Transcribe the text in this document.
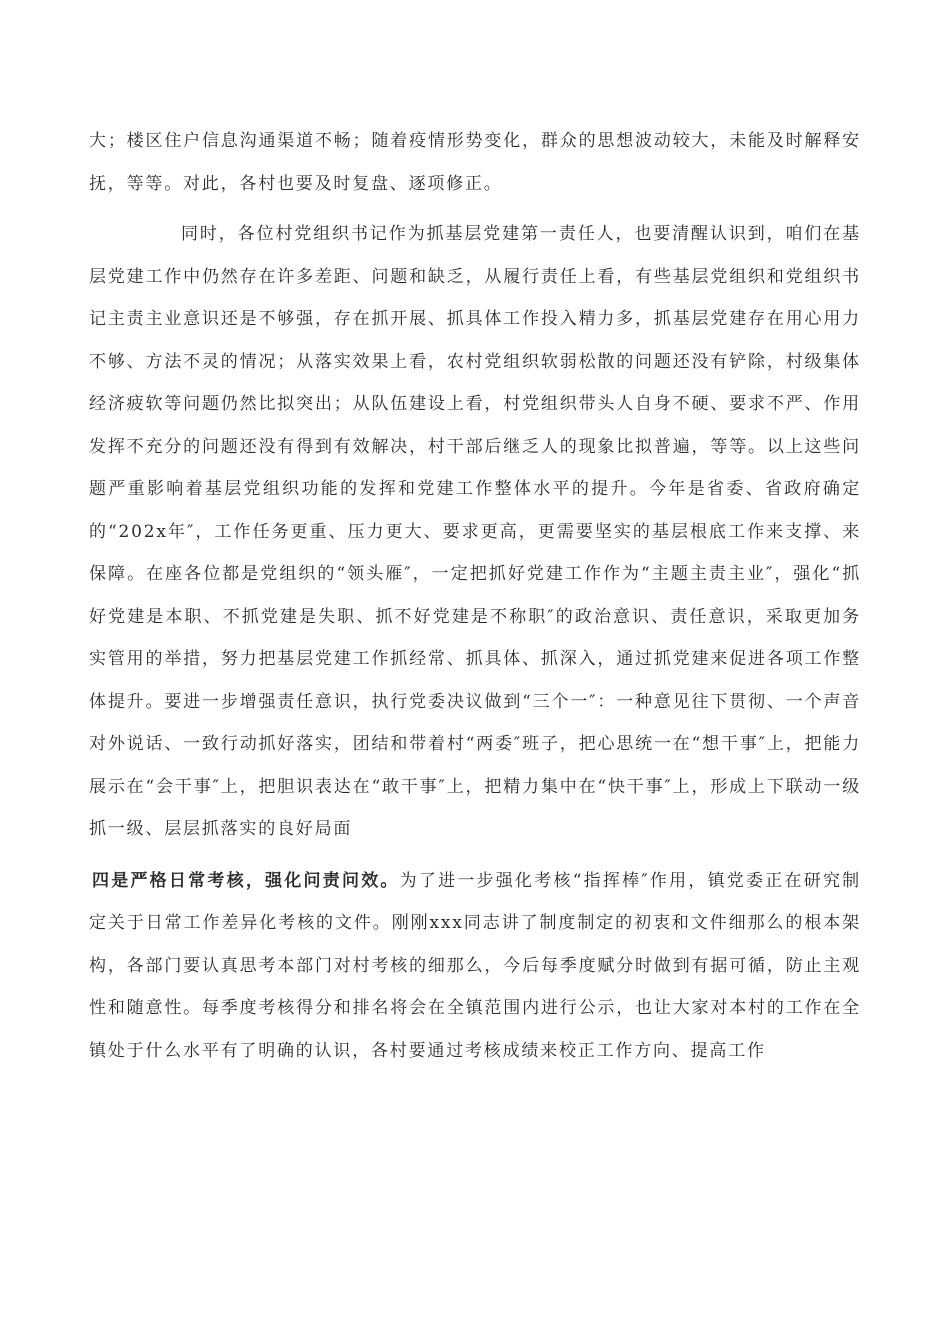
大；楼区住户信息沟通渠道不畅；随着疫情形势变化，群众的思想波动较大，未能及时解释安抚，等等。对此，各村也要及时复盘、逐项修正。

同时，各位村党组织书记作为抓基层党建第一责任人，也要清醒认识到，咱们在基层党建工作中仍然存在许多差距、问题和缺乏，从履行责任上看，有些基层党组织和党组织书记主责主业意识还是不够强，存在抓开展、抓具体工作投入精力多，抓基层党建存在用心用力不够、方法不灵的情况；从落实效果上看，农村党组织软弱松散的问题还没有铲除，村级集体经济疲软等问题仍然比拟突出；从队伍建设上看，村党组织带头人自身不硬、要求不严、作用发挥不充分的问题还没有得到有效解决，村干部后继乏人的现象比拟普遍，等等。以上这些问题严重影响着基层党组织功能的发挥和党建工作整体水平的提升。今年是省委、省政府确定的“202x年″，工作任务更重、压力更大、要求更高，更需要坚实的基层根底工作来支撑、来保障。在座各位都是党组织的“领头雁″，一定把抓好党建工作作为“主题主责主业″，强化“抓好党建是本职、不抓党建是失职、抓不好党建是不称职″的政治意识、责任意识，采取更加务实管用的举措，努力把基层党建工作抓经常、抓具体、抓深入，通过抓党建来促进各项工作整体提升。要进一步增强责任意识，执行党委决议做到“三个一″：一种意见往下贯彻、一个声音对外说话、一致行动抓好落实，团结和带着村“两委″班子，把心思统一在“想干事″上，把能力展示在“会干事″上，把胆识表达在“敢干事″上，把精力集中在“快干事″上，形成上下联动一级抓一级、层层抓落实的良好局面

四是严格日常考核，强化问责问效。为了进一步强化考核“指挥棒″作用，镇党委正在研究制定关于日常工作差异化考核的文件。刚刚xxx同志讲了制度制定的初衷和文件细那么的根本架构，各部门要认真思考本部门对村考核的细那么，今后每季度赋分时做到有据可循，防止主观性和随意性。每季度考核得分和排名将会在全镇范围内进行公示，也让大家对本村的工作在全镇处于什么水平有了明确的认识，各村要通过考核成绩来校正工作方向、提高工作
